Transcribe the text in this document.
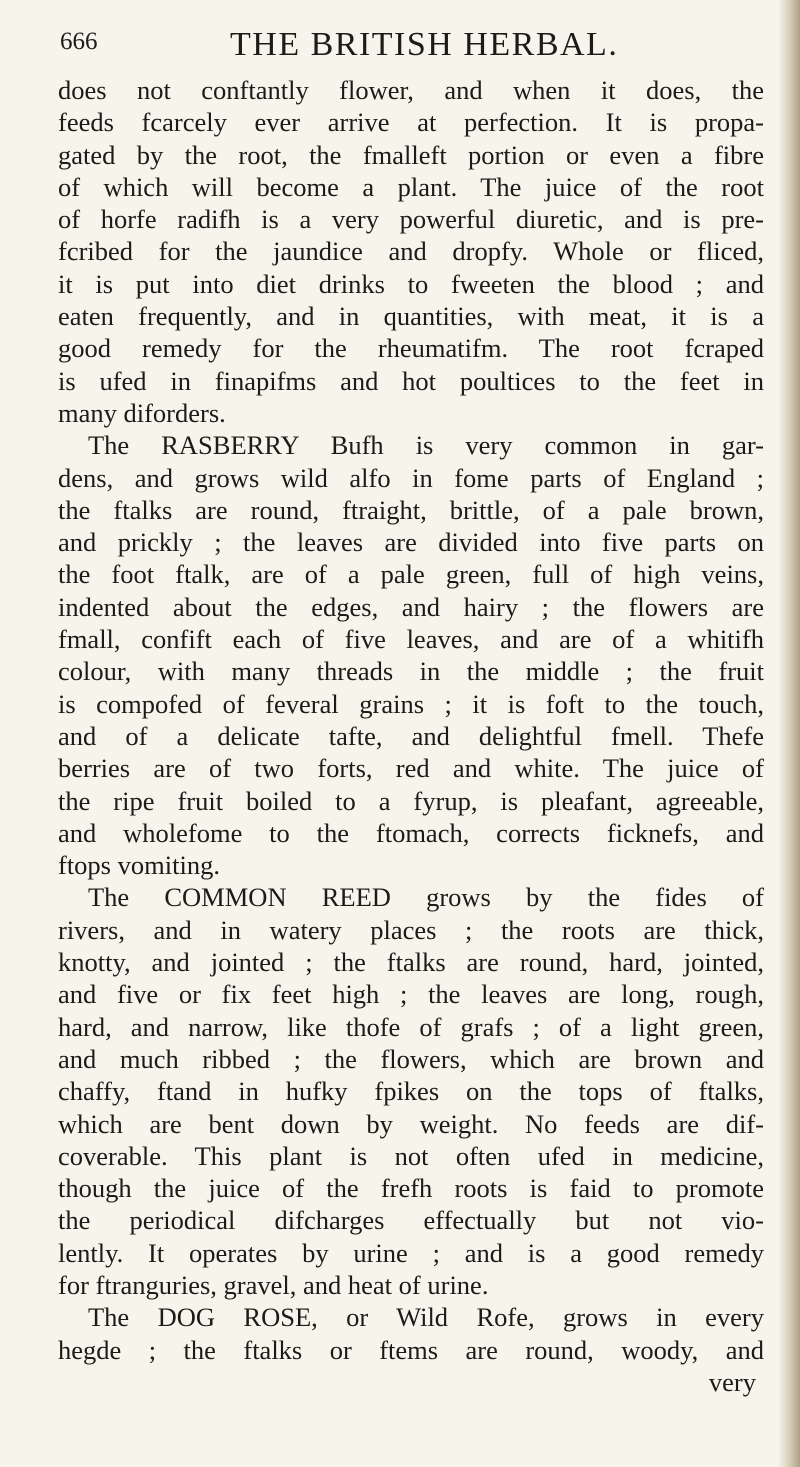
666	THE BRITISH HERBAL.
does not conftantly flower, and when it does, the
feeds fcarcely ever arrive at perfection. It is propa-
gated by the root, the fmalleft portion or even a fibre
of which will become a plant. The juice of the root
of horfe radifh is a very powerful diuretic, and is pre-
fcribed for the jaundice and dropfy. Whole or fliced,
it is put into diet drinks to fweeten the blood ; and
eaten frequently, and in quantities, with meat, it is a
good remedy for the rheumatifm. The root fcraped
is ufed in finapifms and hot poultices to the feet in
many diforders.
The RASBERRY Bufh is very common in gar-
dens, and grows wild alfo in fome parts of England ;
the ftalks are round, ftraight, brittle, of a pale brown,
and prickly ; the leaves are divided into five parts on
the foot ftalk, are of a pale green, full of high veins,
indented about the edges, and hairy ; the flowers are
fmall, confift each of five leaves, and are of a whitifh
colour, with many threads in the middle ; the fruit
is compofed of feveral grains ; it is foft to the touch,
and of a delicate tafte, and delightful fmell. Thefe
berries are of two forts, red and white. The juice of
the ripe fruit boiled to a fyrup, is pleafant, agreeable,
and wholefome to the ftomach, corrects ficknefs, and
ftops vomiting.
The COMMON REED grows by the fides of
rivers, and in watery places ; the roots are thick,
knotty, and jointed ; the ftalks are round, hard, jointed,
and five or fix feet high ; the leaves are long, rough,
hard, and narrow, like thofe of grafs ; of a light green,
and much ribbed ; the flowers, which are brown and
chaffy, ftand in hufky fpikes on the tops of ftalks,
which are bent down by weight. No feeds are dif-
coverable. This plant is not often ufed in medicine,
though the juice of the frefh roots is faid to promote
the periodical difcharges effectually but not vio-
lently. It operates by urine ; and is a good remedy
for ftranguries, gravel, and heat of urine.
The DOG ROSE, or Wild Rofe, grows in every
hegde ; the ftalks or ftems are round, woody, and
very
